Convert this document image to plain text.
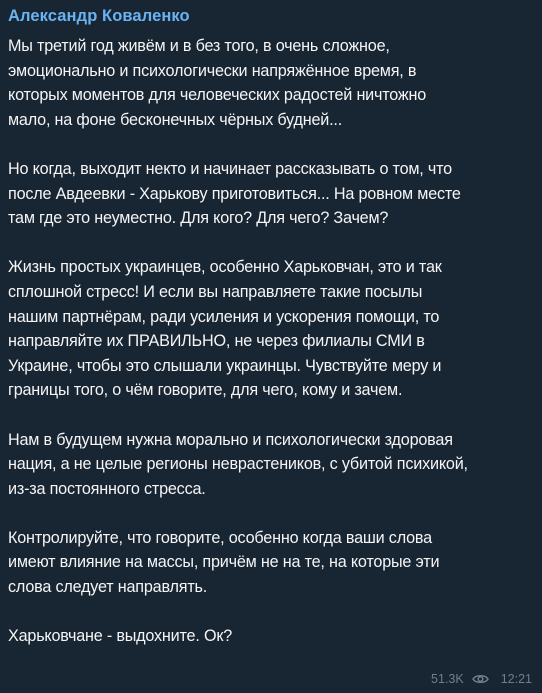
Александр Коваленко
Мы третий год живём и в без того, в очень сложное,
эмоционально и психологически напряжённое время, в
которых моментов для человеческих радостей ничтожно
мало, на фоне бесконечных чёрных будней...
Но когда, выходит некто и начинает рассказывать о том, что
после Авдеевки - Харькову приготовиться... На ровном месте
там где это неуместно. Для кого? Для чего? Зачем?
Жизнь простых украинцев, особенно Харьковчан, это и так
сплошной стресс! И если вы направляете такие посылы
нашим партнёрам, ради усиления и ускорения помощи, то
направляйте их ПРАВИЛЬНО, не через филиалы СМИ в
Украине, чтобы это слышали украинцы. Чувствуйте меру и
границы того, о чём говорите, для чего, кому и зачем.
Нам в будущем нужна морально и психологически здоровая
нация, а не целые регионы неврастеников, с убитой психикой,
из-за постоянного стресса.
Контролируйте, что говорите, особенно когда ваши слова
имеют влияние на массы, причём не на те, на которые эти
слова следует направлять.
Харьковчане - выдохните. Ок?
51.3K	12:21
